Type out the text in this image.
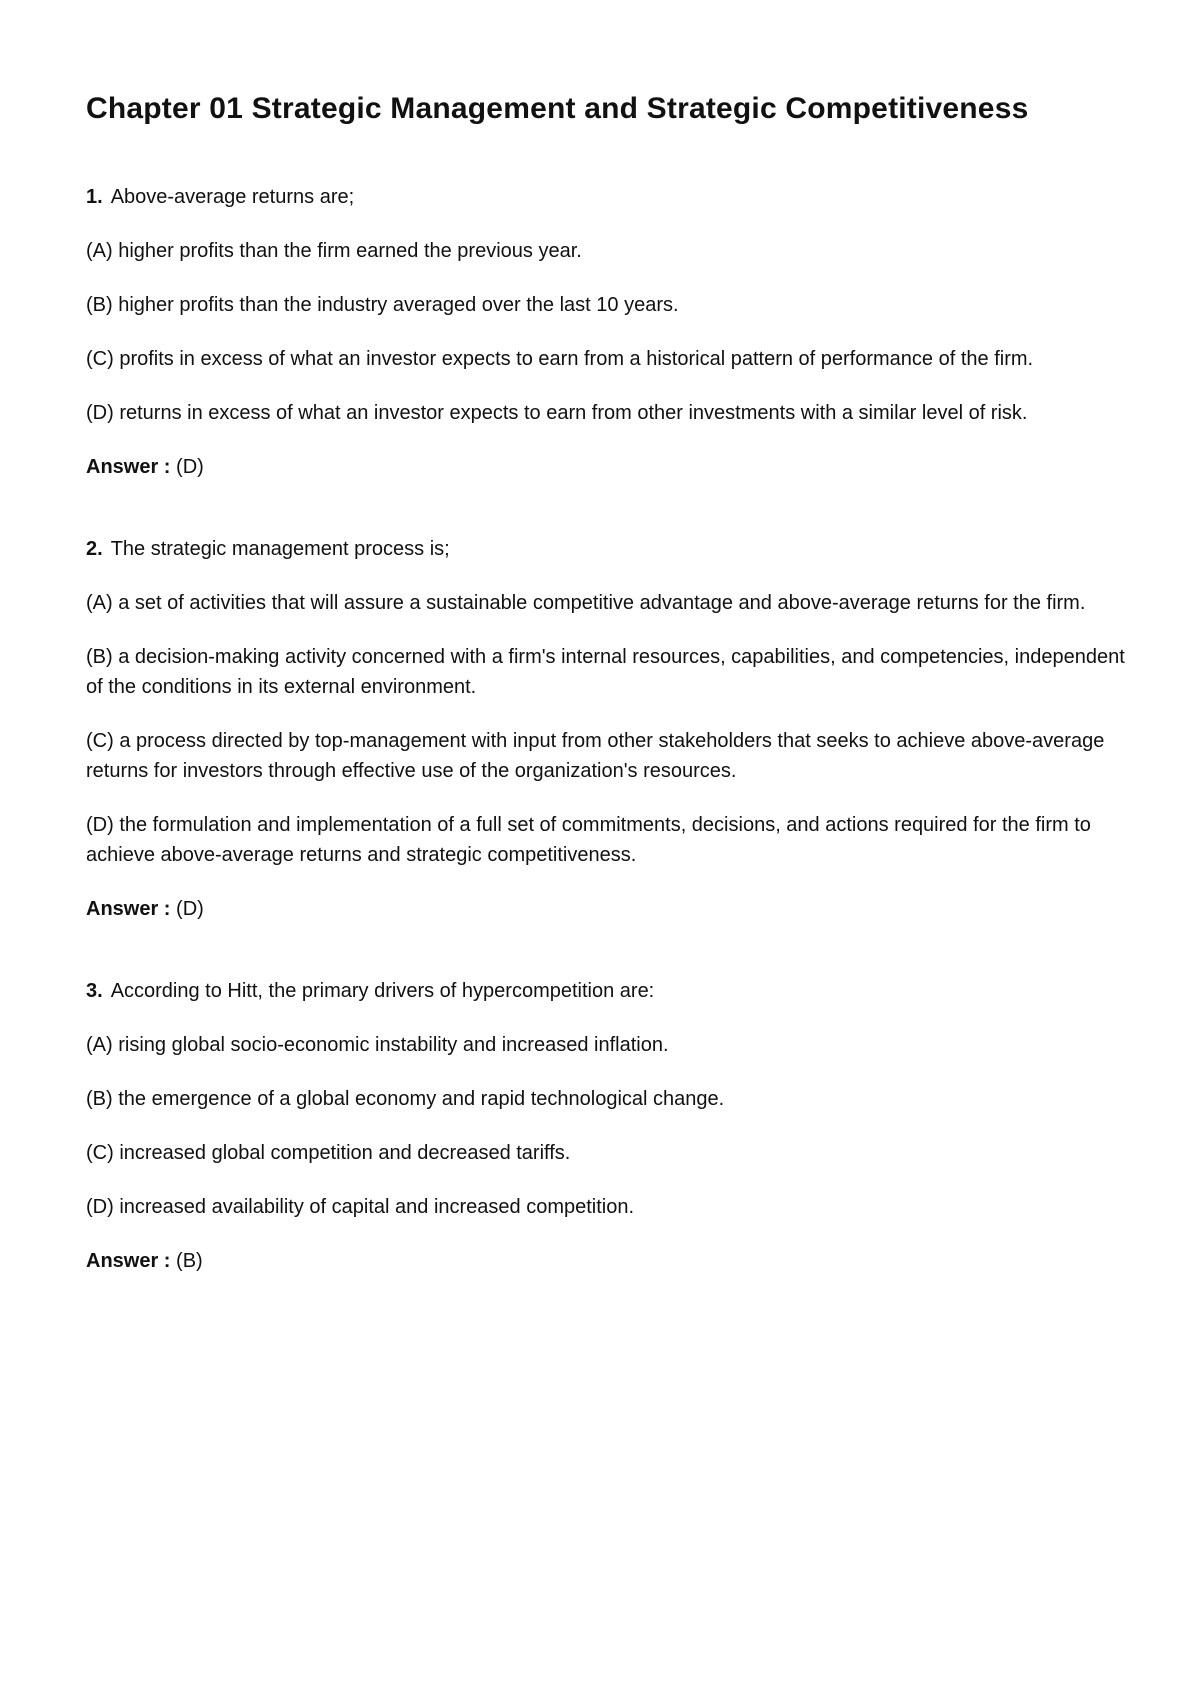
Chapter 01 Strategic Management and Strategic Competitiveness

1. Above-average returns are;

(A) higher profits than the firm earned the previous year.

(B) higher profits than the industry averaged over the last 10 years.

(C) profits in excess of what an investor expects to earn from a historical pattern of performance of the firm.

(D) returns in excess of what an investor expects to earn from other investments with a similar level of risk.

Answer : (D)

2. The strategic management process is;

(A) a set of activities that will assure a sustainable competitive advantage and above-average returns for the firm.

(B) a decision-making activity concerned with a firm's internal resources, capabilities, and competencies, independent of the conditions in its external environment.

(C) a process directed by top-management with input from other stakeholders that seeks to achieve above-average returns for investors through effective use of the organization's resources.

(D) the formulation and implementation of a full set of commitments, decisions, and actions required for the firm to achieve above-average returns and strategic competitiveness.

Answer : (D)

3. According to Hitt, the primary drivers of hypercompetition are:

(A) rising global socio-economic instability and increased inflation.

(B) the emergence of a global economy and rapid technological change.

(C) increased global competition and decreased tariffs.

(D) increased availability of capital and increased competition.

Answer : (B)
